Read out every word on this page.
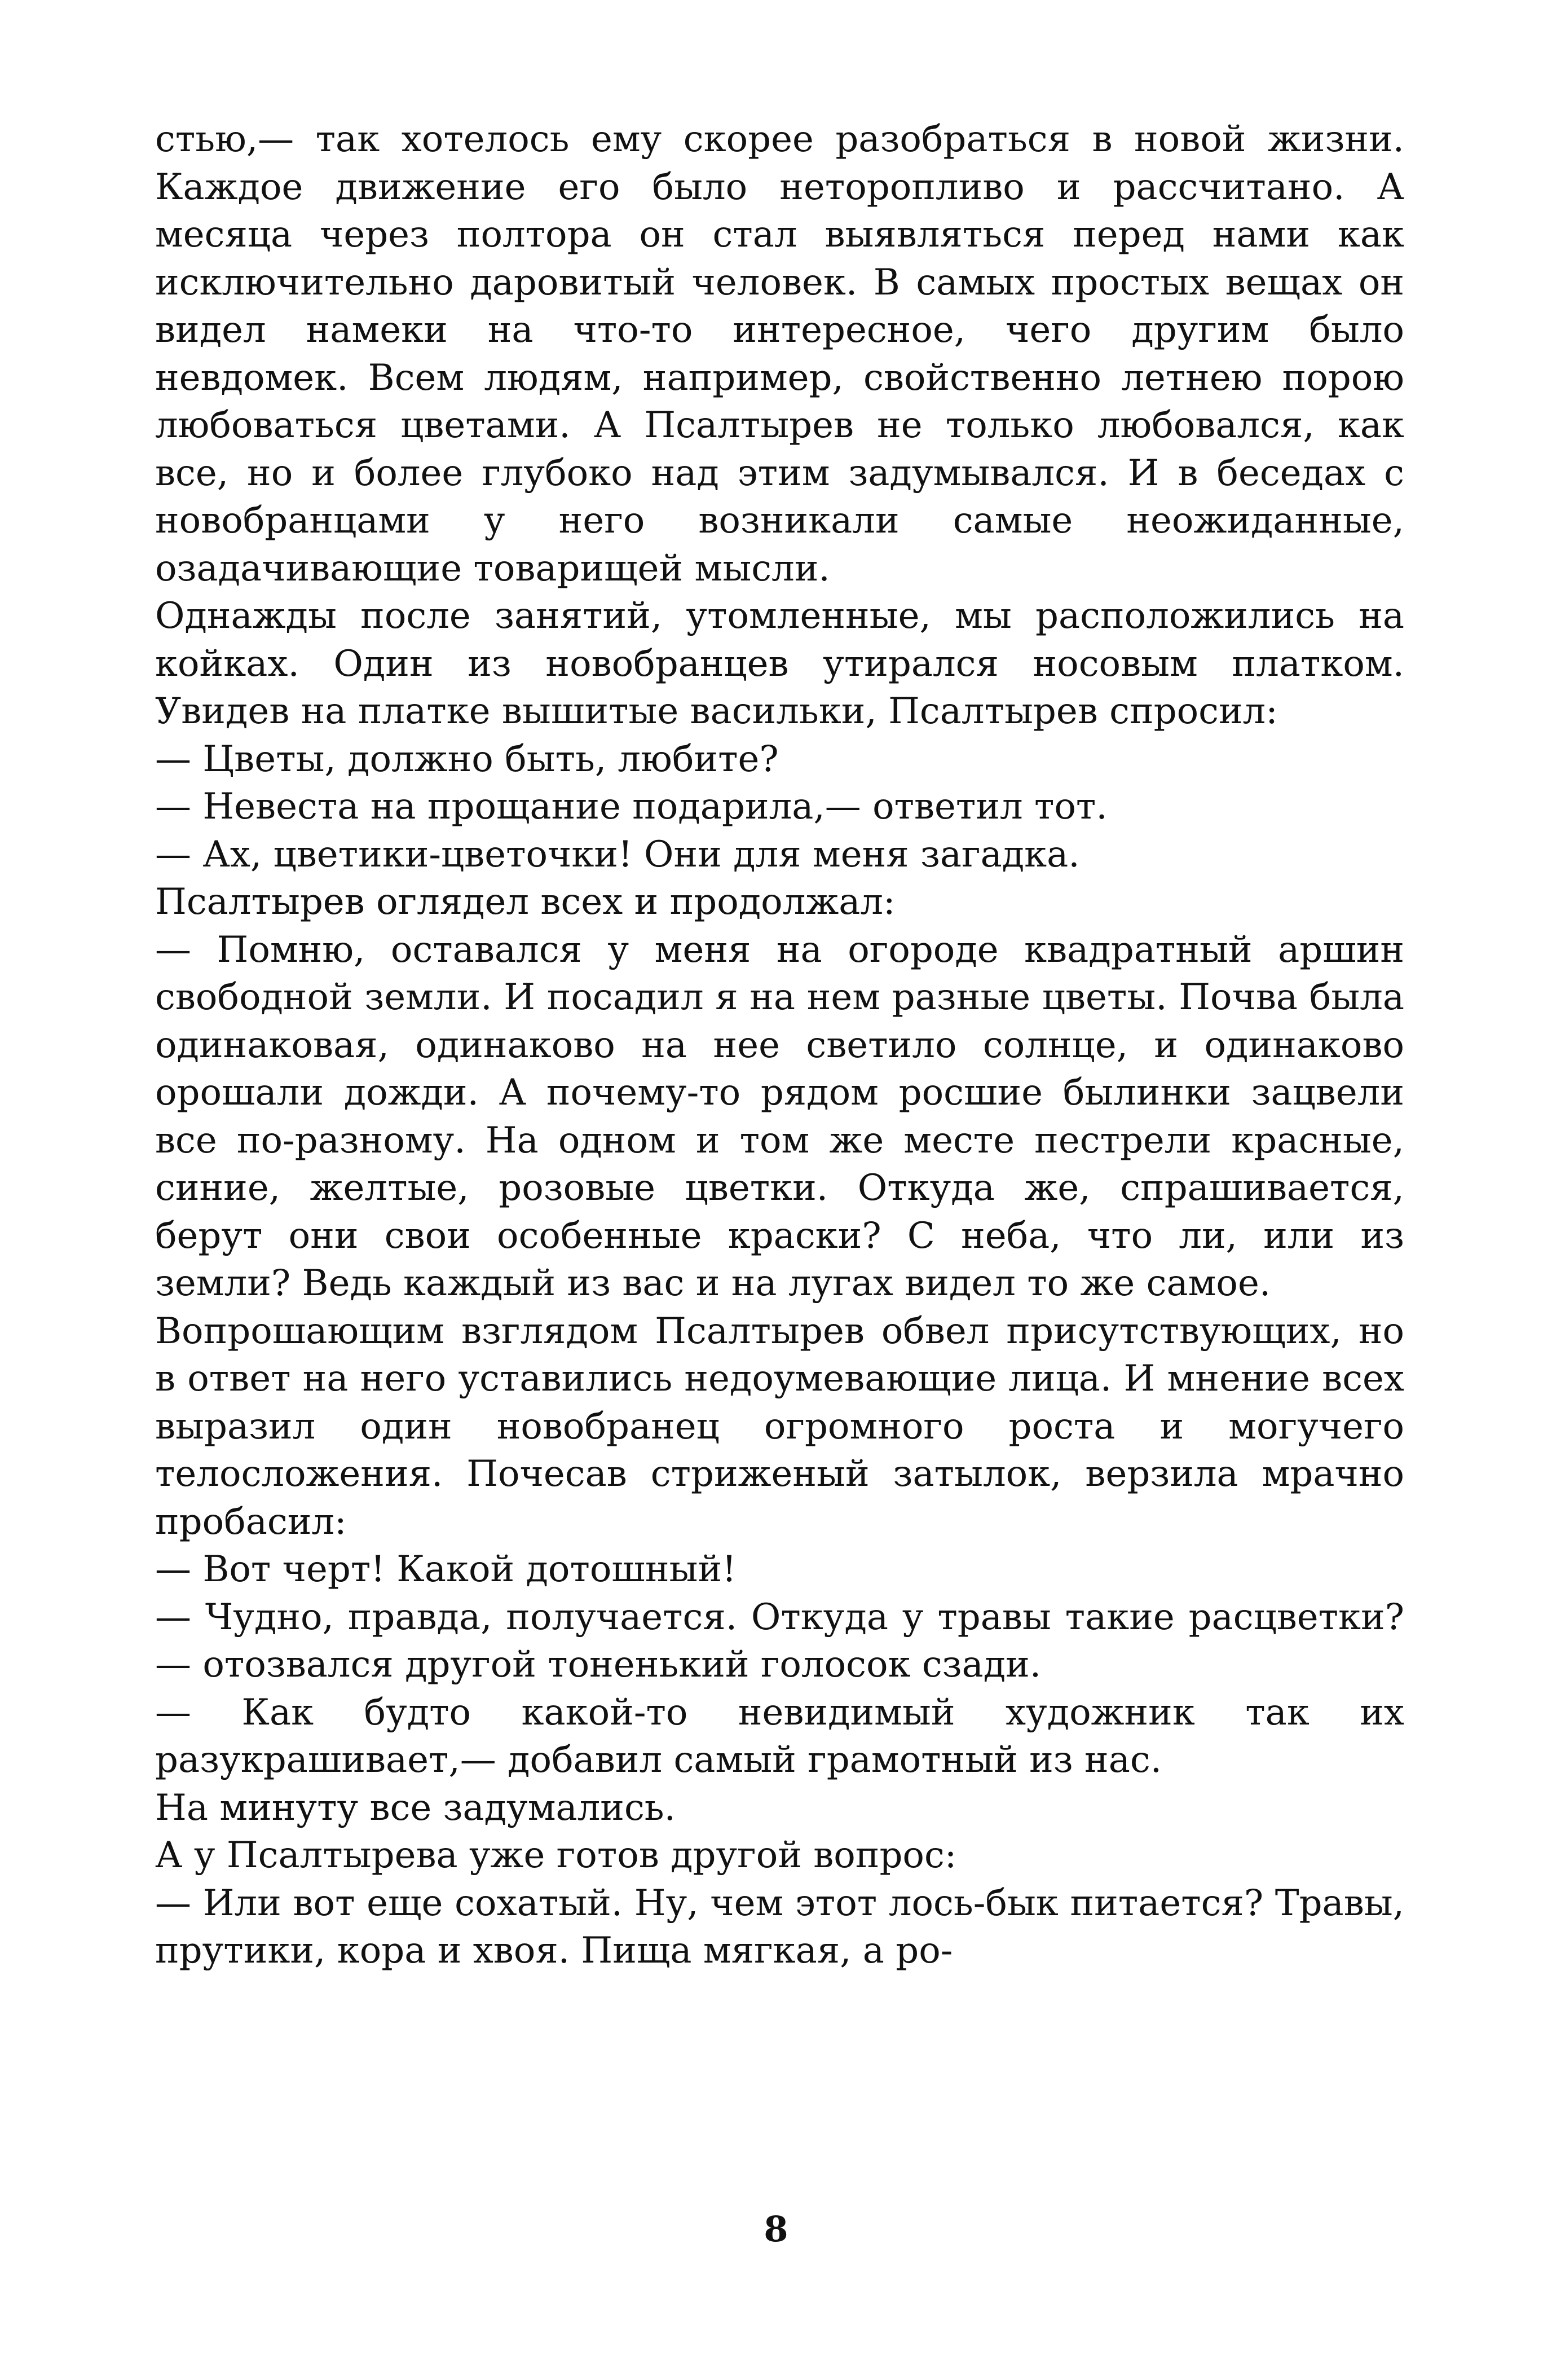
стью,— так хотелось ему скорее разобраться в новой жизни. Каждое движение его было неторопливо и рассчитано. А месяца через полтора он стал выявляться перед нами как исключительно даровитый человек. В самых простых вещах он видел намеки на что-то интересное, чего другим было невдомек. Всем людям, например, свойственно летнею порою любоваться цветами. А Псалтырев не только любовался, как все, но и более глубоко над этим задумывался. И в беседах с новобранцами у него возникали самые неожиданные, озадачивающие товарищей мысли.

Однажды после занятий, утомленные, мы расположились на койках. Один из новобранцев утирался носовым платком. Увидев на платке вышитые васильки, Псалтырев спросил:

— Цветы, должно быть, любите?

— Невеста на прощание подарила,— ответил тот.

— Ах, цветики-цветочки! Они для меня загадка.

Псалтырев оглядел всех и продолжал:

— Помню, оставался у меня на огороде квадратный аршин свободной земли. И посадил я на нем разные цветы. Почва была одинаковая, одинаково на нее светило солнце, и одинаково орошали дожди. А почему-то рядом росшие былинки зацвели все по-разному. На одном и том же месте пестрели красные, синие, желтые, розовые цветки. Откуда же, спрашивается, берут они свои особенные краски? С неба, что ли, или из земли? Ведь каждый из вас и на лугах видел то же самое.

Вопрошающим взглядом Псалтырев обвел присутствующих, но в ответ на него уставились недоумевающие лица. И мнение всех выразил один новобранец огромного роста и могучего телосложения. Почесав стриженый затылок, верзила мрачно пробасил:

— Вот черт! Какой дотошный!

— Чудно, правда, получается. Откуда у травы такие расцветки?— отозвался другой тоненький голосок сзади.

— Как будто какой-то невидимый художник так их разукрашивает,— добавил самый грамотный из нас.

На минуту все задумались.

А у Псалтырева уже готов другой вопрос:

— Или вот еще сохатый. Ну, чем этот лось-бык питается? Травы, прутики, кора и хвоя. Пища мягкая, а ро-

8
